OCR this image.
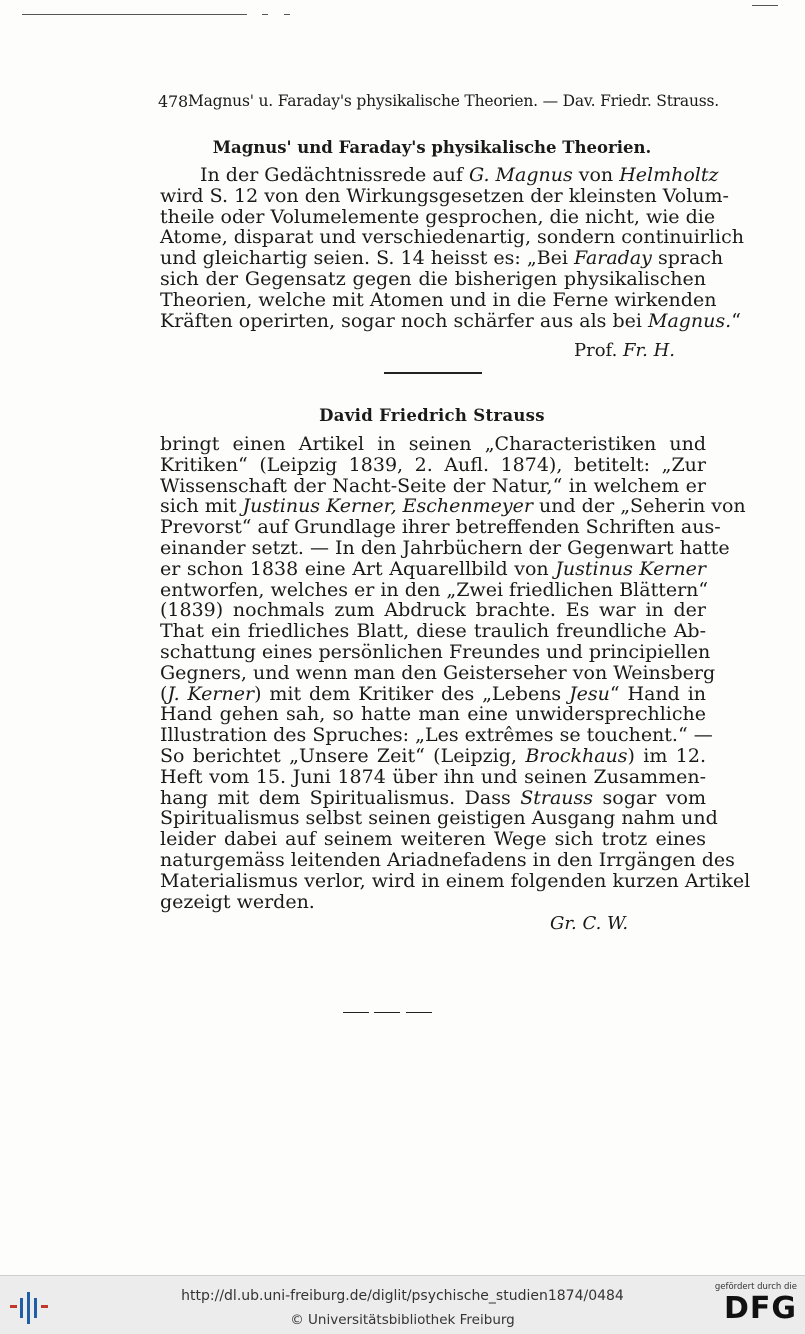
478 Magnus' u. Faraday's physikalische Theorien. — Dav. Friedr. Strauss.
Magnus' und Faraday's physikalische Theorien.
In der Gedächtnissrede auf G. Magnus von Helmholtz
wird S. 12 von den Wirkungsgesetzen der kleinsten Volum-
theile oder Volumelemente gesprochen, die nicht, wie die
Atome, disparat und verschiedenartig, sondern continuirlich
und gleichartig seien. S. 14 heisst es: „Bei Faraday sprach
sich der Gegensatz gegen die bisherigen physikalischen
Theorien, welche mit Atomen und in die Ferne wirkenden
Kräften operirten, sogar noch schärfer aus als bei Magnus.“
Prof. Fr. H.
David Friedrich Strauss
bringt einen Artikel in seinen „Characteristiken und
Kritiken“ (Leipzig 1839, 2. Aufl. 1874), betitelt: „Zur
Wissenschaft der Nacht-Seite der Natur,“ in welchem er
sich mit Justinus Kerner, Eschenmeyer und der „Seherin von
Prevorst“ auf Grundlage ihrer betreffenden Schriften aus-
einander setzt. — In den Jahrbüchern der Gegenwart hatte
er schon 1838 eine Art Aquarellbild von Justinus Kerner
entworfen, welches er in den „Zwei friedlichen Blättern“
(1839) nochmals zum Abdruck brachte. Es war in der
That ein friedliches Blatt, diese traulich freundliche Ab-
schattung eines persönlichen Freundes und principiellen
Gegners, und wenn man den Geisterseher von Weinsberg
(J. Kerner) mit dem Kritiker des „Lebens Jesu“ Hand in
Hand gehen sah, so hatte man eine unwidersprechliche
Illustration des Spruches: „Les extrêmes se touchent.“ —
So berichtet „Unsere Zeit“ (Leipzig, Brockhaus) im 12.
Heft vom 15. Juni 1874 über ihn und seinen Zusammen-
hang mit dem Spiritualismus. Dass Strauss sogar vom
Spiritualismus selbst seinen geistigen Ausgang nahm und
leider dabei auf seinem weiteren Wege sich trotz eines
naturgemäss leitenden Ariadnefadens in den Irrgängen des
Materialismus verlor, wird in einem folgenden kurzen Artikel
gezeigt werden.
Gr. C. W.
http://dl.ub.uni-freiburg.de/diglit/psychische_studien1874/0484
© Universitätsbibliothek Freiburg
gefördert durch die
DFG
